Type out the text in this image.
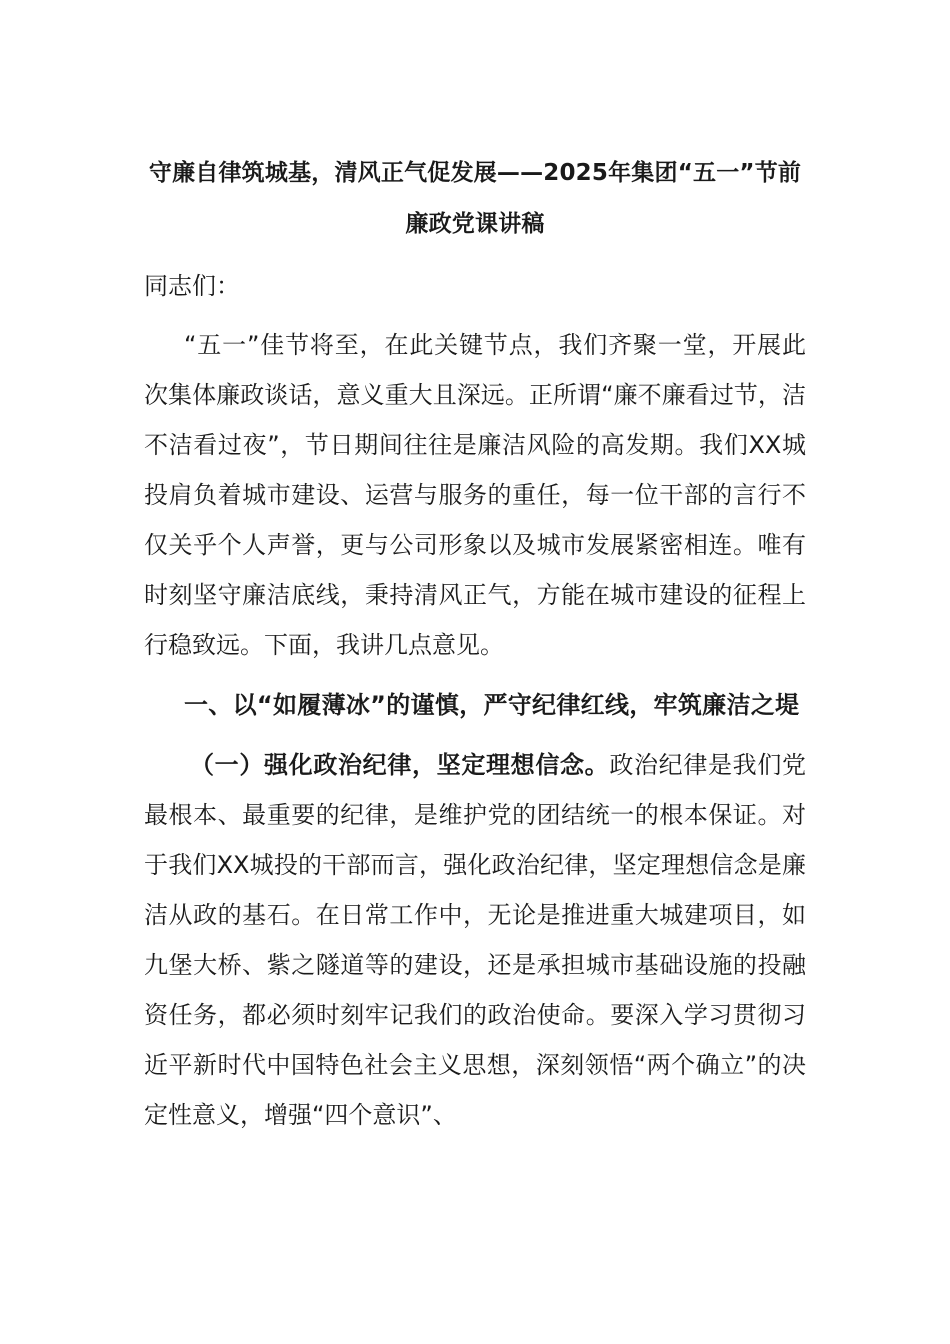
守廉自律筑城基，清风正气促发展——2025年集团“五一”节前廉政党课讲稿

同志们：

“五一”佳节将至，在此关键节点，我们齐聚一堂，开展此次集体廉政谈话，意义重大且深远。正所谓“廉不廉看过节，洁不洁看过夜”，节日期间往往是廉洁风险的高发期。我们XX城投肩负着城市建设、运营与服务的重任，每一位干部的言行不仅关乎个人声誉，更与公司形象以及城市发展紧密相连。唯有时刻坚守廉洁底线，秉持清风正气，方能在城市建设的征程上行稳致远。下面，我讲几点意见。

一、以“如履薄冰”的谨慎，严守纪律红线，牢筑廉洁之堤

（一）强化政治纪律，坚定理想信念。政治纪律是我们党最根本、最重要的纪律，是维护党的团结统一的根本保证。对于我们XX城投的干部而言，强化政治纪律，坚定理想信念是廉洁从政的基石。在日常工作中，无论是推进重大城建项目，如九堡大桥、紫之隧道等的建设，还是承担城市基础设施的投融资任务，都必须时刻牢记我们的政治使命。要深入学习贯彻习近平新时代中国特色社会主义思想，深刻领悟“两个确立”的决定性意义，增强“四个意识”、
